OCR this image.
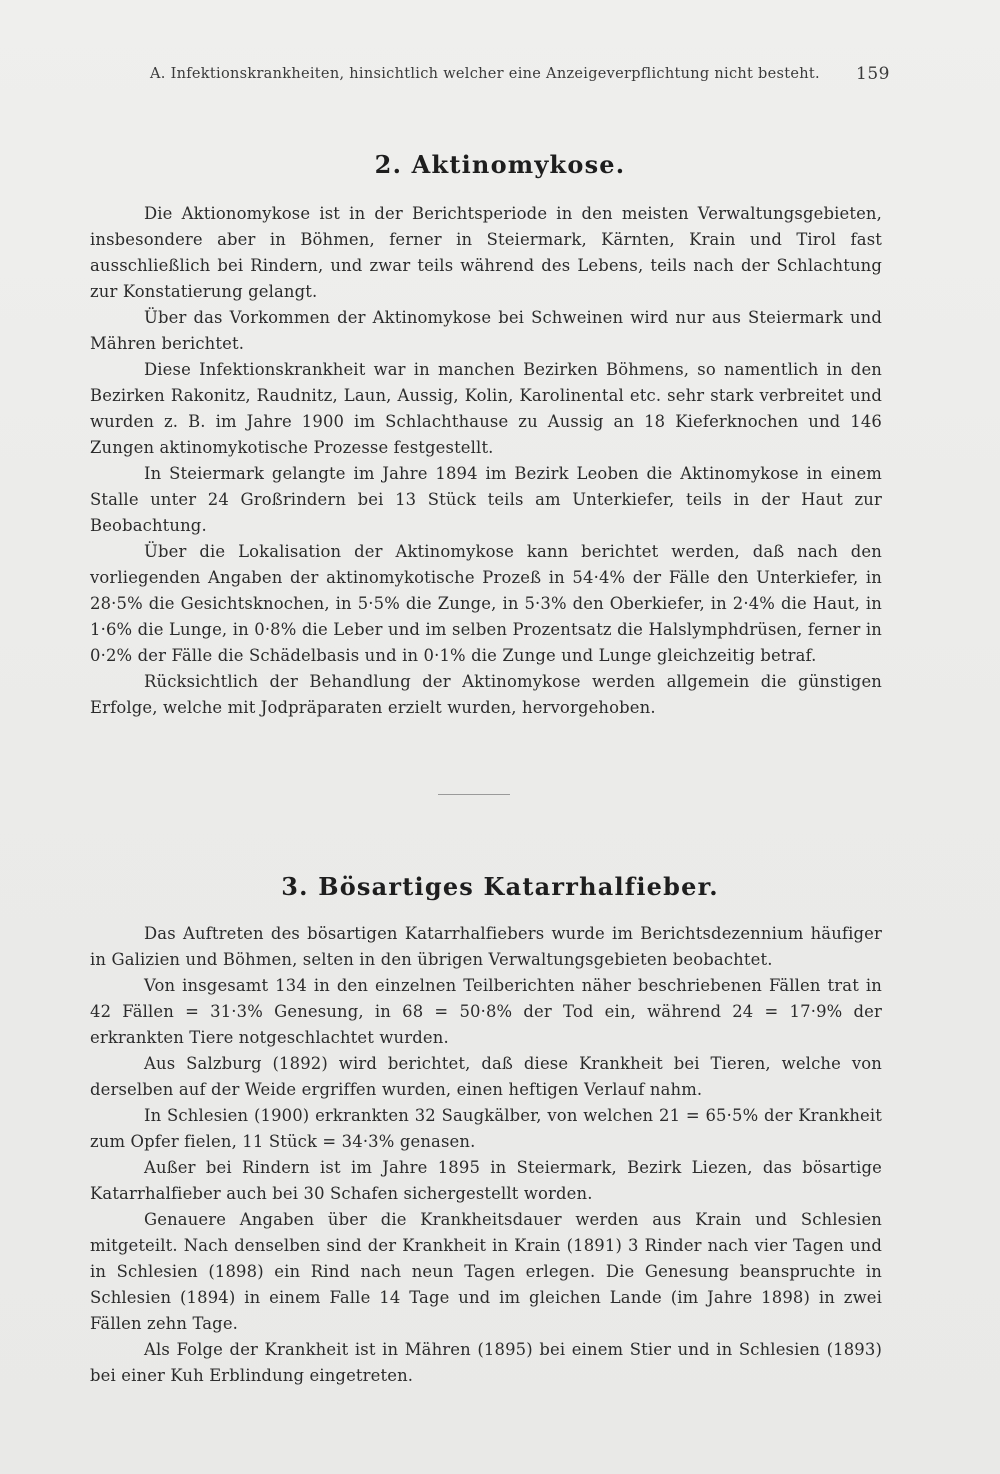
A. Infektionskrankheiten, hinsichtlich welcher eine Anzeigeverpflichtung nicht besteht. 159
2. Aktinomykose.

Die Aktionomykose ist in der Berichtsperiode in den meisten Verwaltungsgebieten, insbesondere aber in Böhmen, ferner in Steiermark, Kärnten, Krain und Tirol fast ausschließlich bei Rindern, und zwar teils während des Lebens, teils nach der Schlachtung zur Konstatierung gelangt.

Über das Vorkommen der Aktinomykose bei Schweinen wird nur aus Steiermark und Mähren berichtet.

Diese Infektionskrankheit war in manchen Bezirken Böhmens, so namentlich in den Bezirken Rakonitz, Raudnitz, Laun, Aussig, Kolin, Karolinental etc. sehr stark verbreitet und wurden z. B. im Jahre 1900 im Schlachthause zu Aussig an 18 Kieferknochen und 146 Zungen aktinomykotische Prozesse festgestellt.

In Steiermark gelangte im Jahre 1894 im Bezirk Leoben die Aktinomykose in einem Stalle unter 24 Großrindern bei 13 Stück teils am Unterkiefer, teils in der Haut zur Beobachtung.

Über die Lokalisation der Aktinomykose kann berichtet werden, daß nach den vorliegenden Angaben der aktinomykotische Prozeß in 54·4% der Fälle den Unterkiefer, in 28·5% die Gesichtsknochen, in 5·5% die Zunge, in 5·3% den Oberkiefer, in 2·4% die Haut, in 1·6% die Lunge, in 0·8% die Leber und im selben Prozentsatz die Halslymphdrüsen, ferner in 0·2% der Fälle die Schädelbasis und in 0·1% die Zunge und Lunge gleichzeitig betraf.

Rücksichtlich der Behandlung der Aktinomykose werden allgemein die günstigen Erfolge, welche mit Jodpräparaten erzielt wurden, hervorgehoben.

3. Bösartiges Katarrhalfieber.

Das Auftreten des bösartigen Katarrhalfiebers wurde im Berichtsdezennium häufiger in Galizien und Böhmen, selten in den übrigen Verwaltungsgebieten beobachtet.

Von insgesamt 134 in den einzelnen Teilberichten näher beschriebenen Fällen trat in 42 Fällen = 31·3% Genesung, in 68 = 50·8% der Tod ein, während 24 = 17·9% der erkrankten Tiere notgeschlachtet wurden.

Aus Salzburg (1892) wird berichtet, daß diese Krankheit bei Tieren, welche von derselben auf der Weide ergriffen wurden, einen heftigen Verlauf nahm.

In Schlesien (1900) erkrankten 32 Saugkälber, von welchen 21 = 65·5% der Krankheit zum Opfer fielen, 11 Stück = 34·3% genasen.

Außer bei Rindern ist im Jahre 1895 in Steiermark, Bezirk Liezen, das bösartige Katarrhalfieber auch bei 30 Schafen sichergestellt worden.

Genauere Angaben über die Krankheitsdauer werden aus Krain und Schlesien mitgeteilt. Nach denselben sind der Krankheit in Krain (1891) 3 Rinder nach vier Tagen und in Schlesien (1898) ein Rind nach neun Tagen erlegen. Die Genesung beanspruchte in Schlesien (1894) in einem Falle 14 Tage und im gleichen Lande (im Jahre 1898) in zwei Fällen zehn Tage.

Als Folge der Krankheit ist in Mähren (1895) bei einem Stier und in Schlesien (1893) bei einer Kuh Erblindung eingetreten.
